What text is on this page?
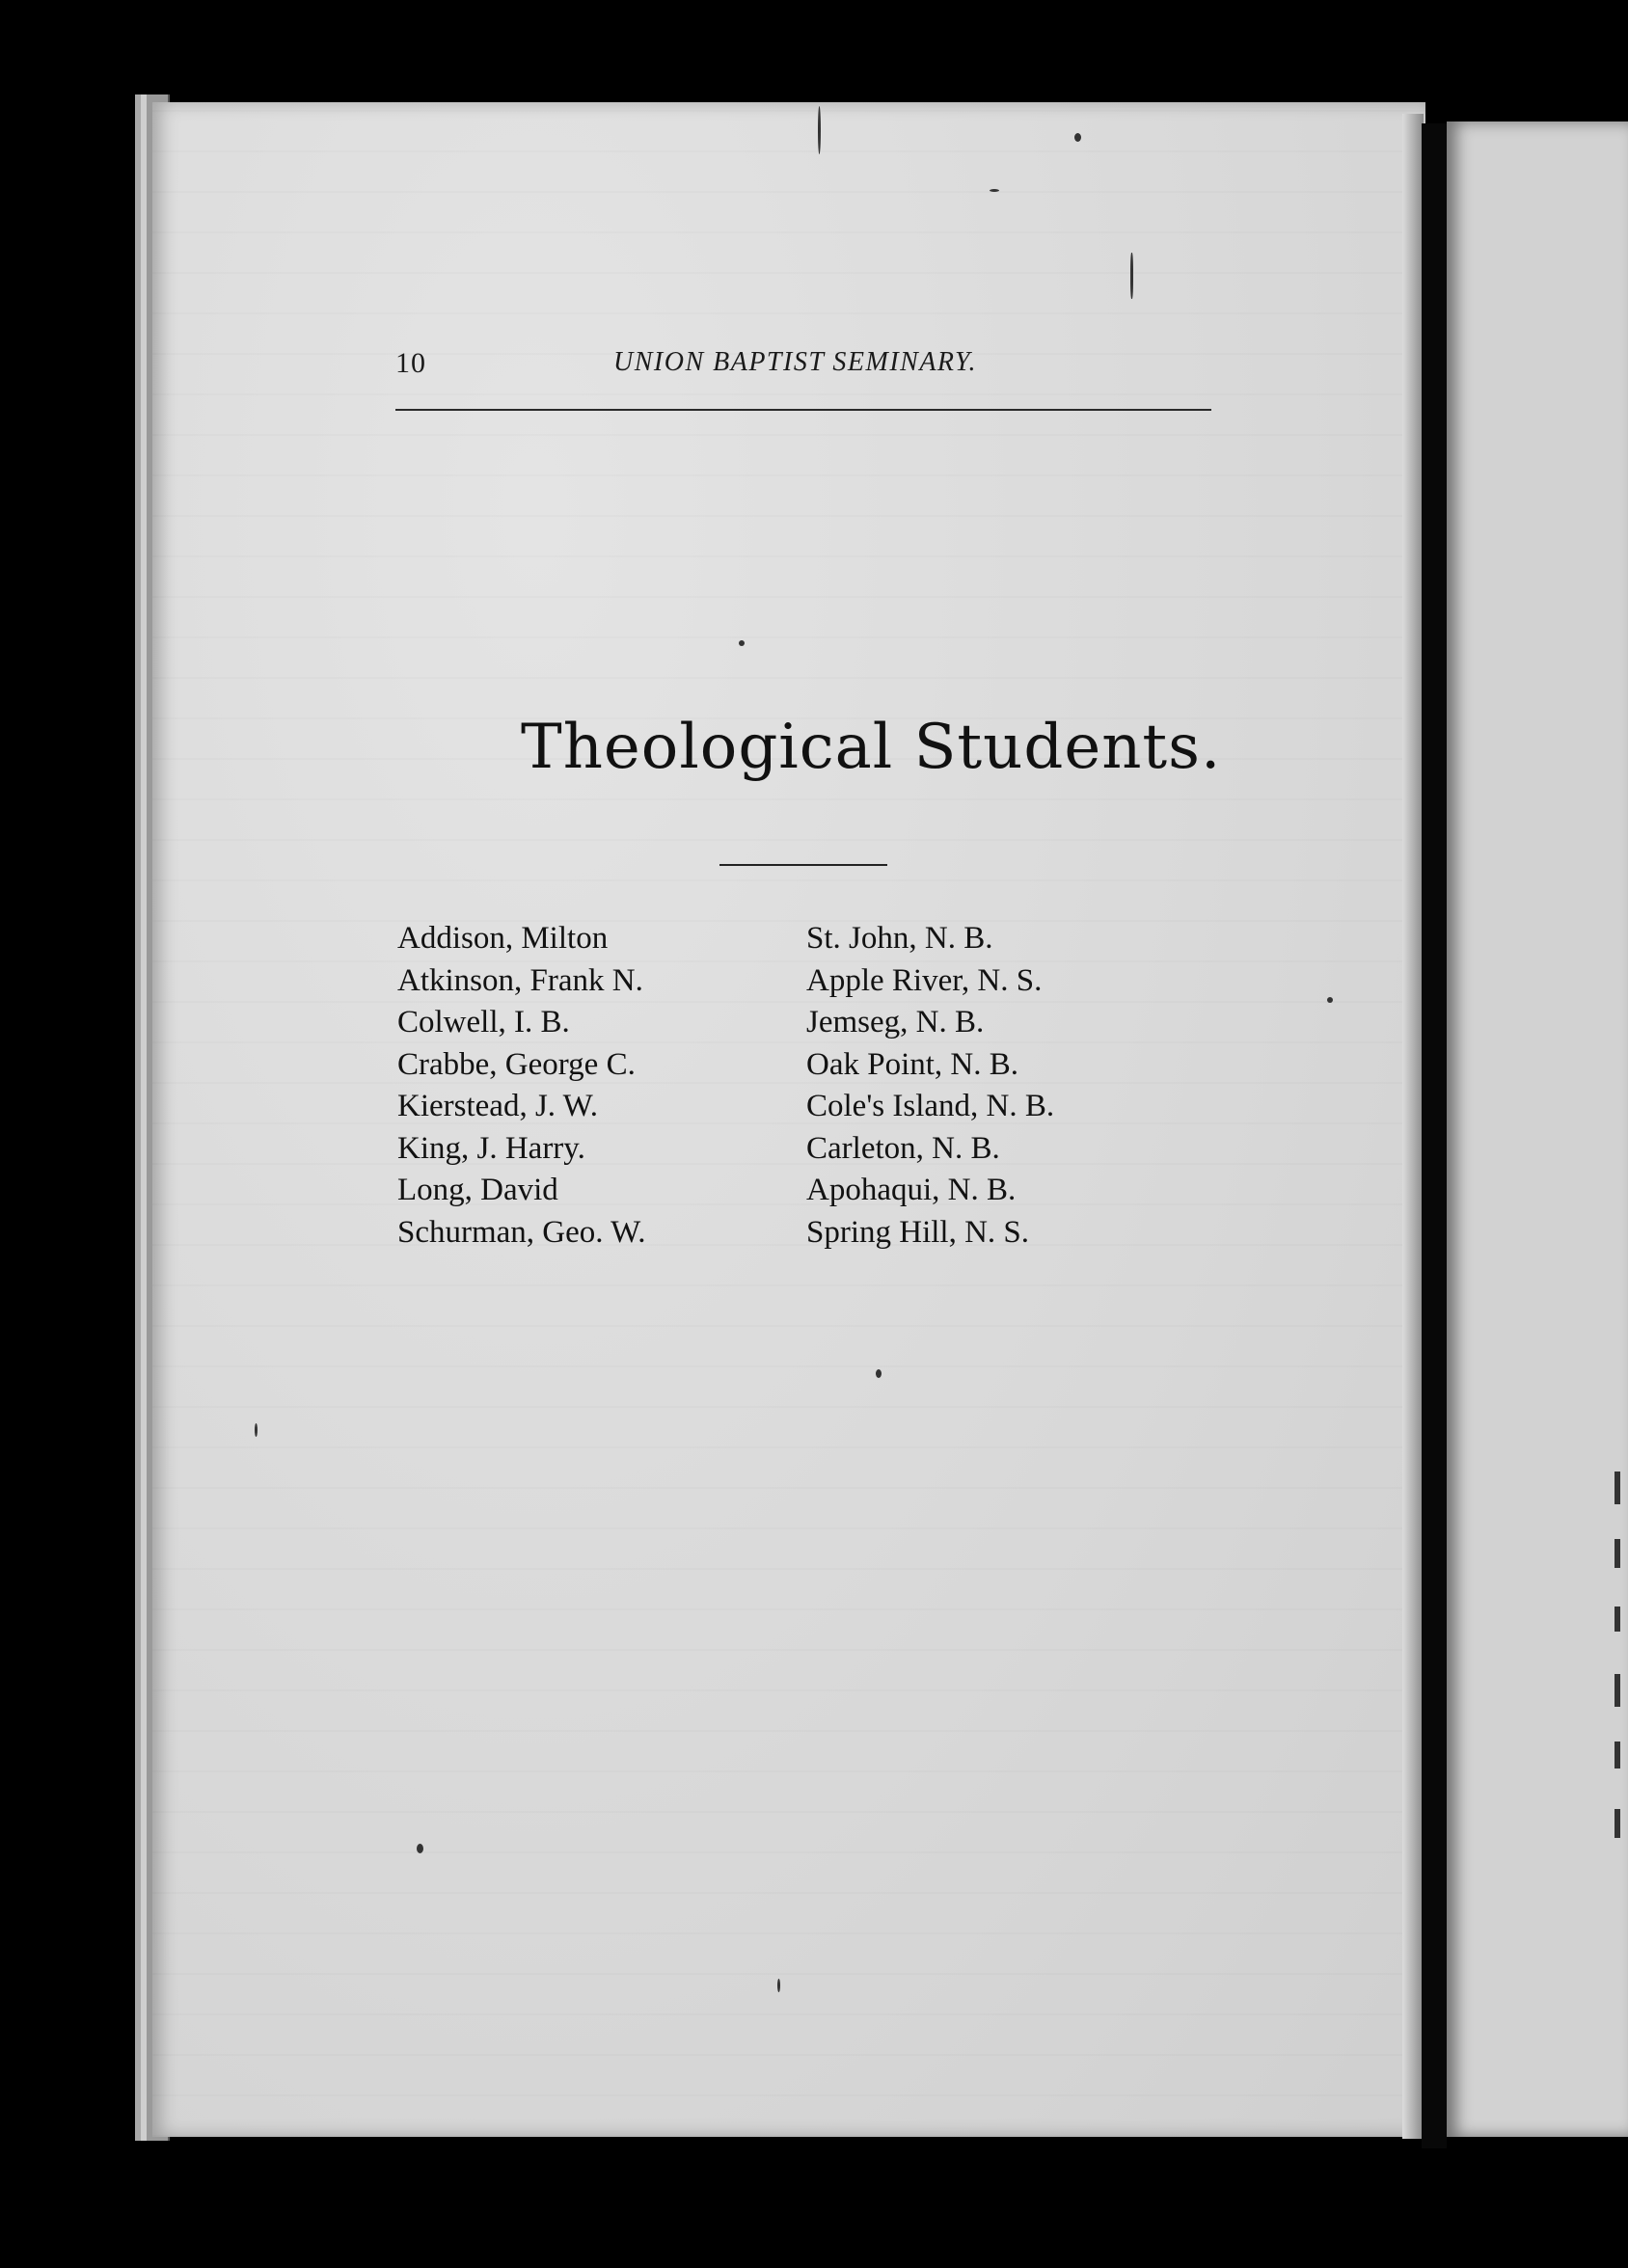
10	UNION BAPTIST SEMINARY.
Theological Students.
Addison, Milton	St. John, N. B.
Atkinson, Frank N.	Apple River, N. S.
Colwell, I. B.	Jemseg, N. B.
Crabbe, George C.	Oak Point, N. B.
Kierstead, J. W.	Cole's Island, N. B.
King, J. Harry.	Carleton, N. B.
Long, David	Apohaqui, N. B.
Schurman, Geo. W.	Spring Hill, N. S.
